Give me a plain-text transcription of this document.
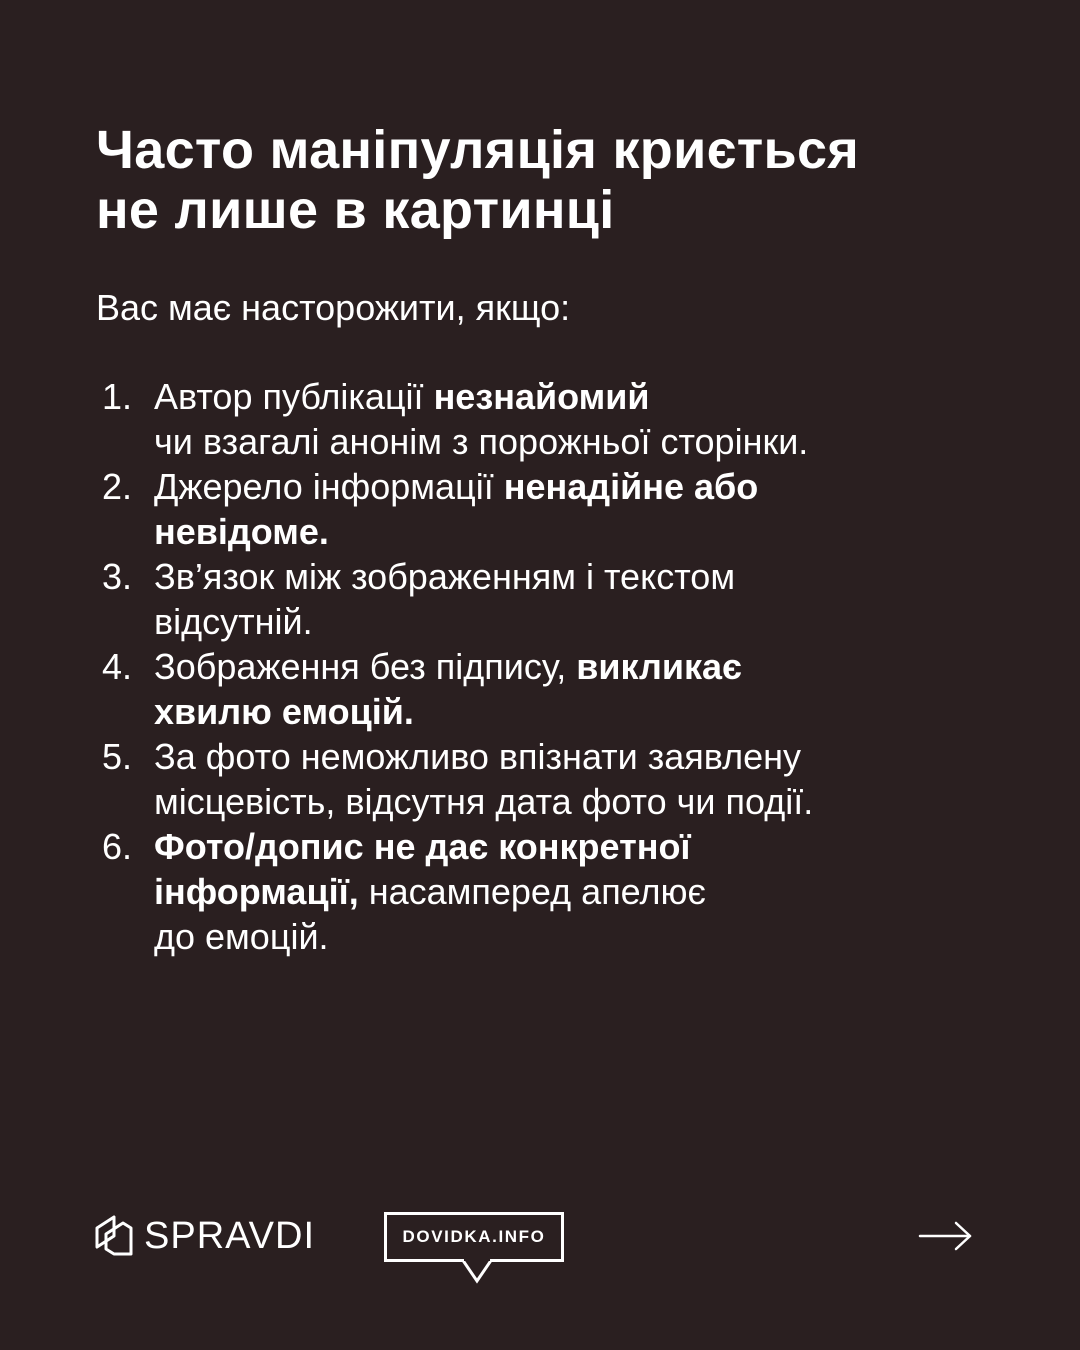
Часто маніпуляція криється
не лише в картинці

Вас має насторожити, якщо:

1. Автор публікації незнайомий
чи взагалі анонім з порожньої сторінки.
2. Джерело інформації ненадійне або
невідоме.
3. Зв’язок між зображенням і текстом
відсутній.
4. Зображення без підпису, викликає
хвилю емоцій.
5. За фото неможливо впізнати заявлену
місцевість, відсутня дата фото чи події.
6. Фото/допис не дає конкретної
інформації, насамперед апелює
до емоцій.
SPRAVDI	DOVIDKA.INFO
